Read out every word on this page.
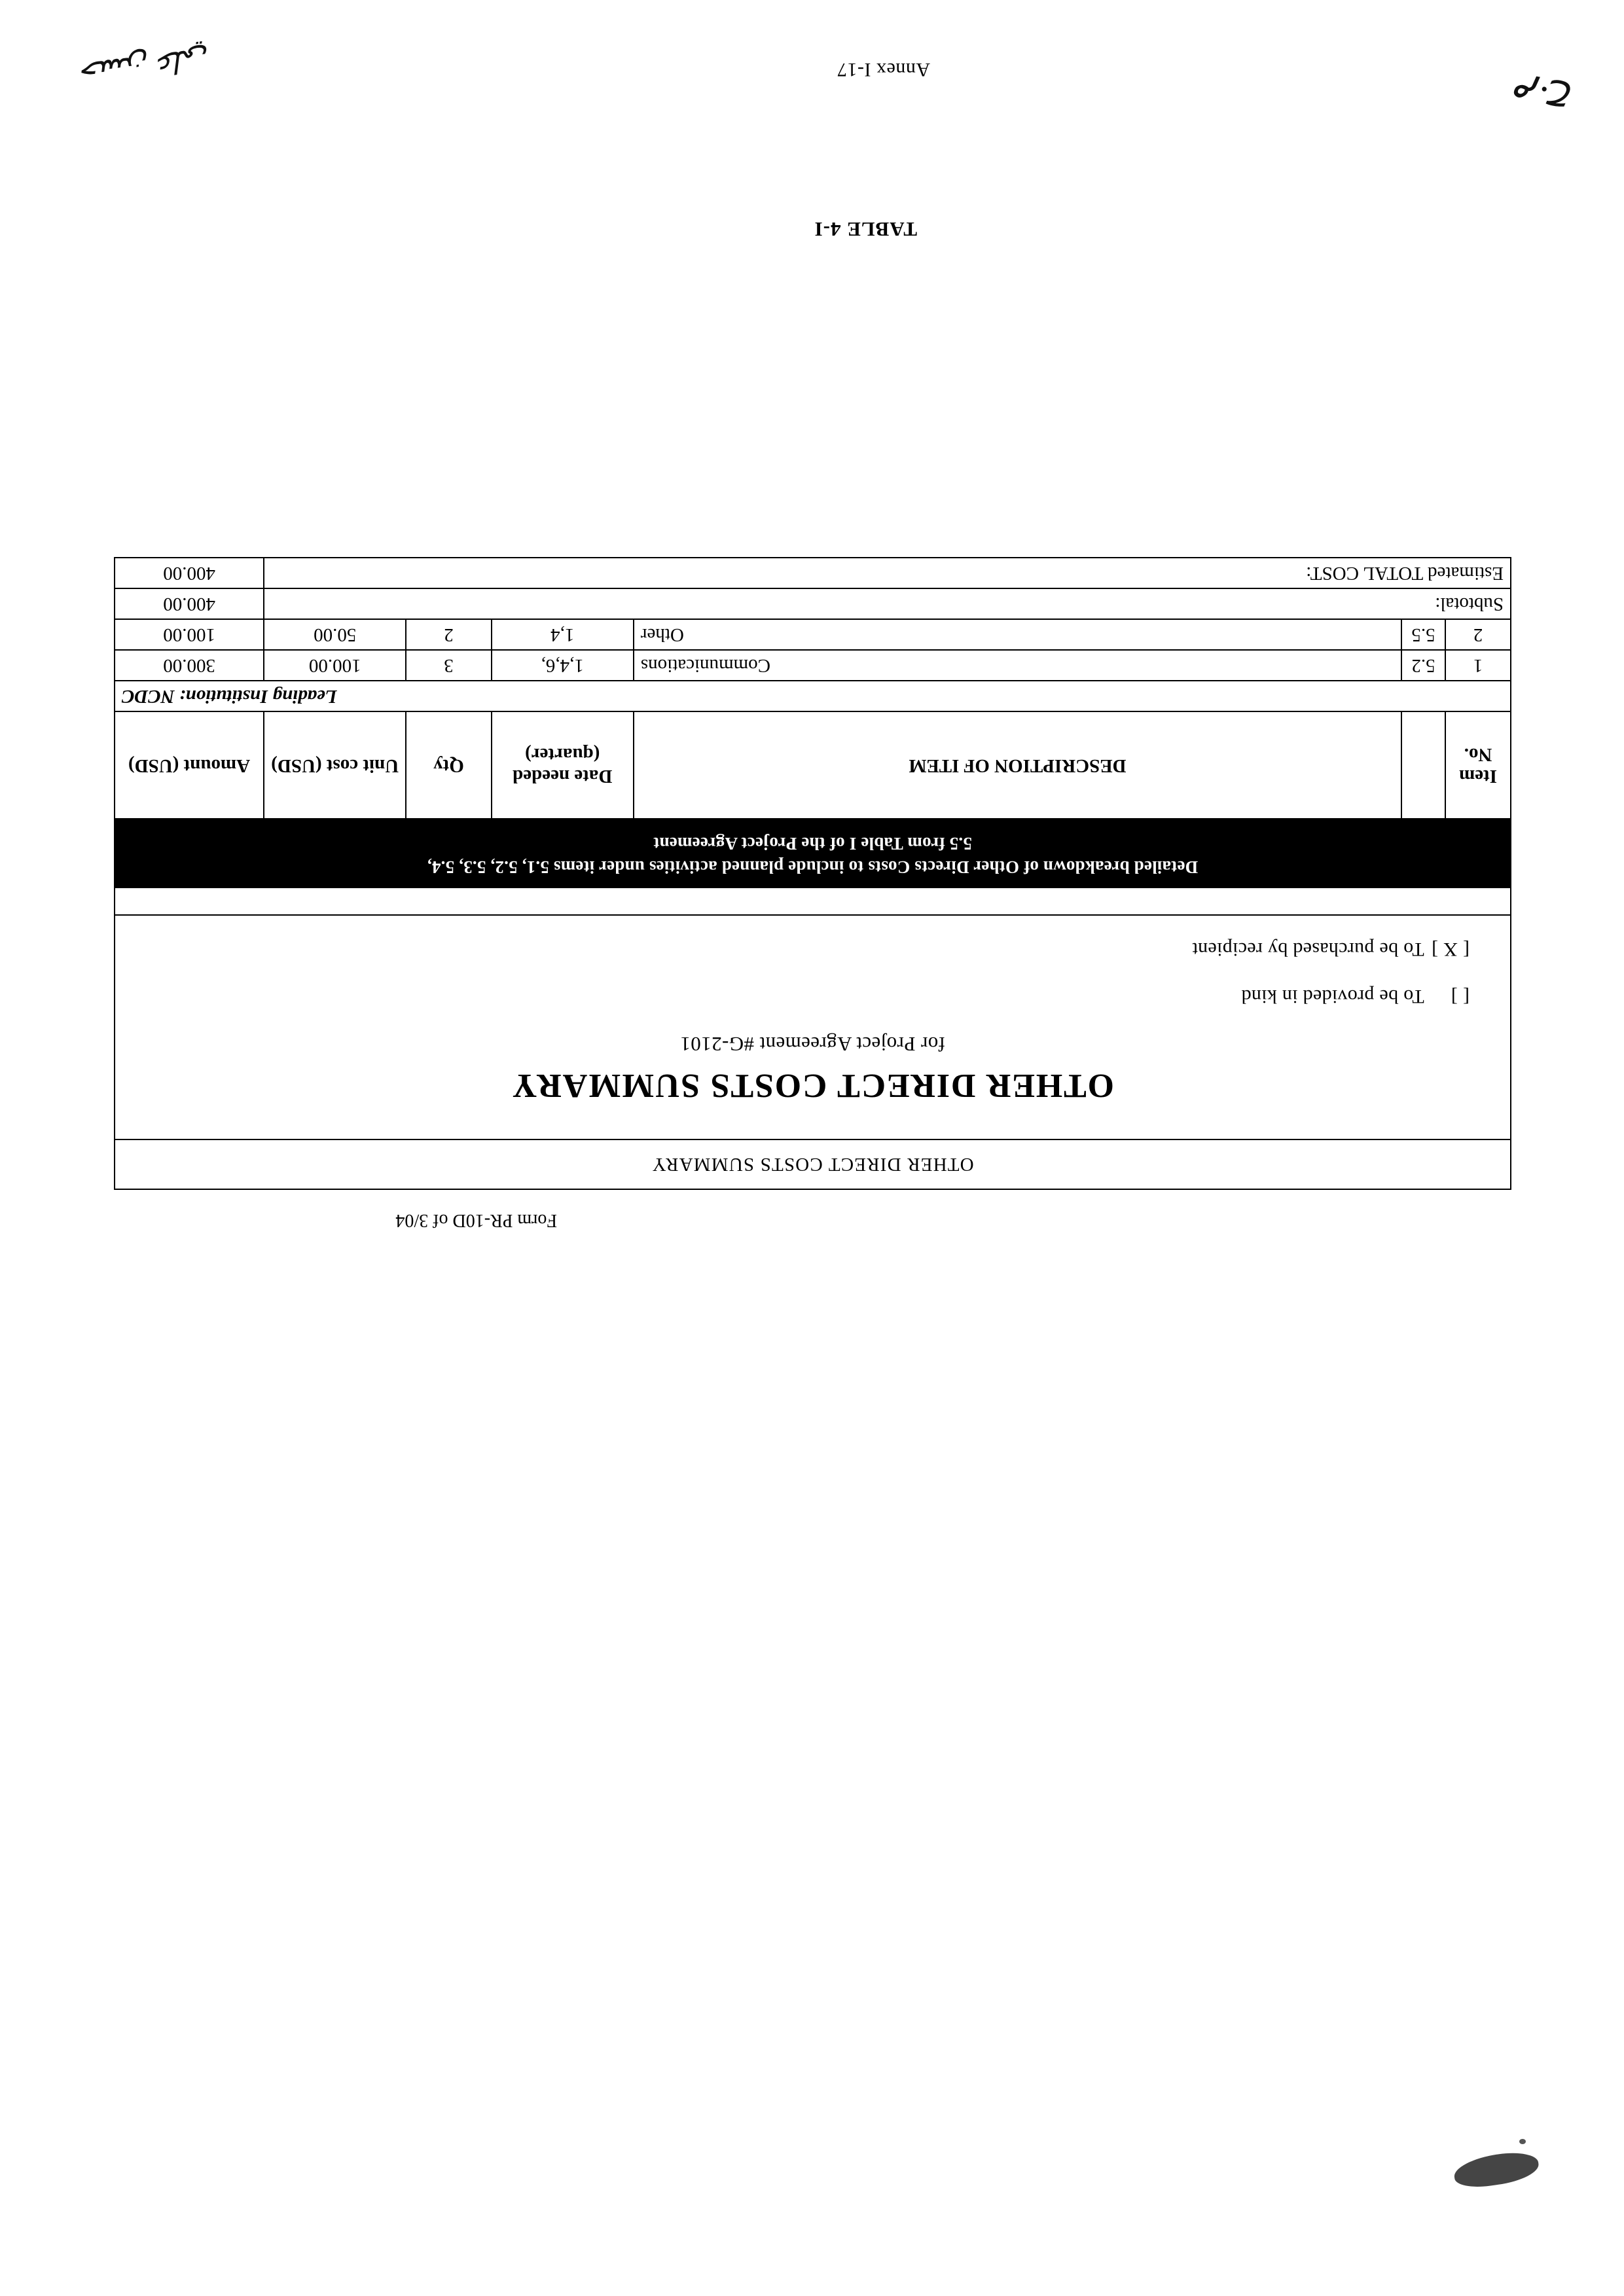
حسن علي
م.ح
Annex I-17
TABLE 4-I
Form PR-10D of 3/04
OTHER DIRECT COSTS SUMMARY
OTHER DIRECT COSTS SUMMARY
for Project Agreement #G-2101
[ ] To be provided in kind
[ X ] To be purchased by recipient
Detailed breakdown of Other Directs Costs to include planned activities under items 5.1, 5.2, 5.3, 5.4,
5.5 from Table I of the Project Agreement
Item No.		DESCRIPTION OF ITEM	Date needed (quarter)	Qty	Unit cost (USD)	Amount (USD)
Leading Institution: NCDC						
1	5.2	Communications	1,4,6,	3	100.00	300.00
2	5.5	Other	1,4	2	50.00	100.00
Subtotal:						400.00
Estimated TOTAL COST:						400.00
